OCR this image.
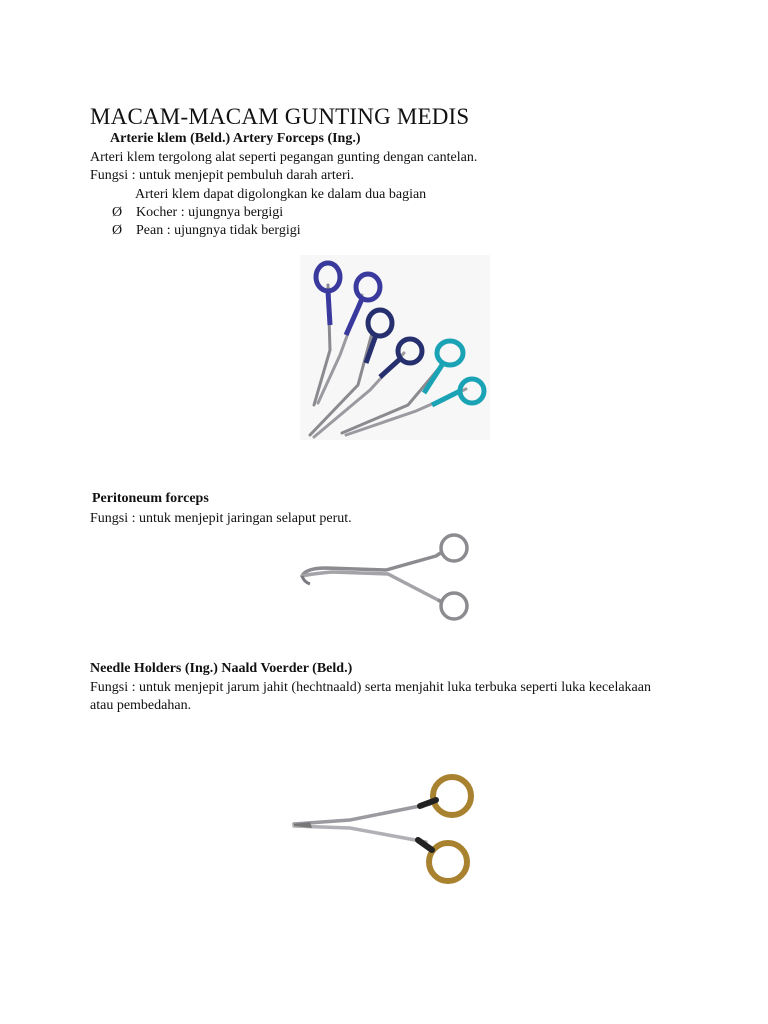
MACAM-MACAM GUNTING MEDIS
Arterie klem (Beld.) Artery Forceps (Ing.)
Arteri klem tergolong alat seperti pegangan gunting dengan cantelan.
Fungsi : untuk menjepit pembuluh darah arteri.
Arteri klem dapat digolongkan ke dalam dua bagian
Ø Kocher : ujungnya bergigi
Ø Pean : ujungnya tidak bergigi
Peritoneum forceps
Fungsi : untuk menjepit jaringan selaput perut.
Needle Holders (Ing.) Naald Voerder (Beld.)
Fungsi : untuk menjepit jarum jahit (hechtnaald) serta menjahit luka terbuka seperti luka kecelakaan
atau pembedahan.
